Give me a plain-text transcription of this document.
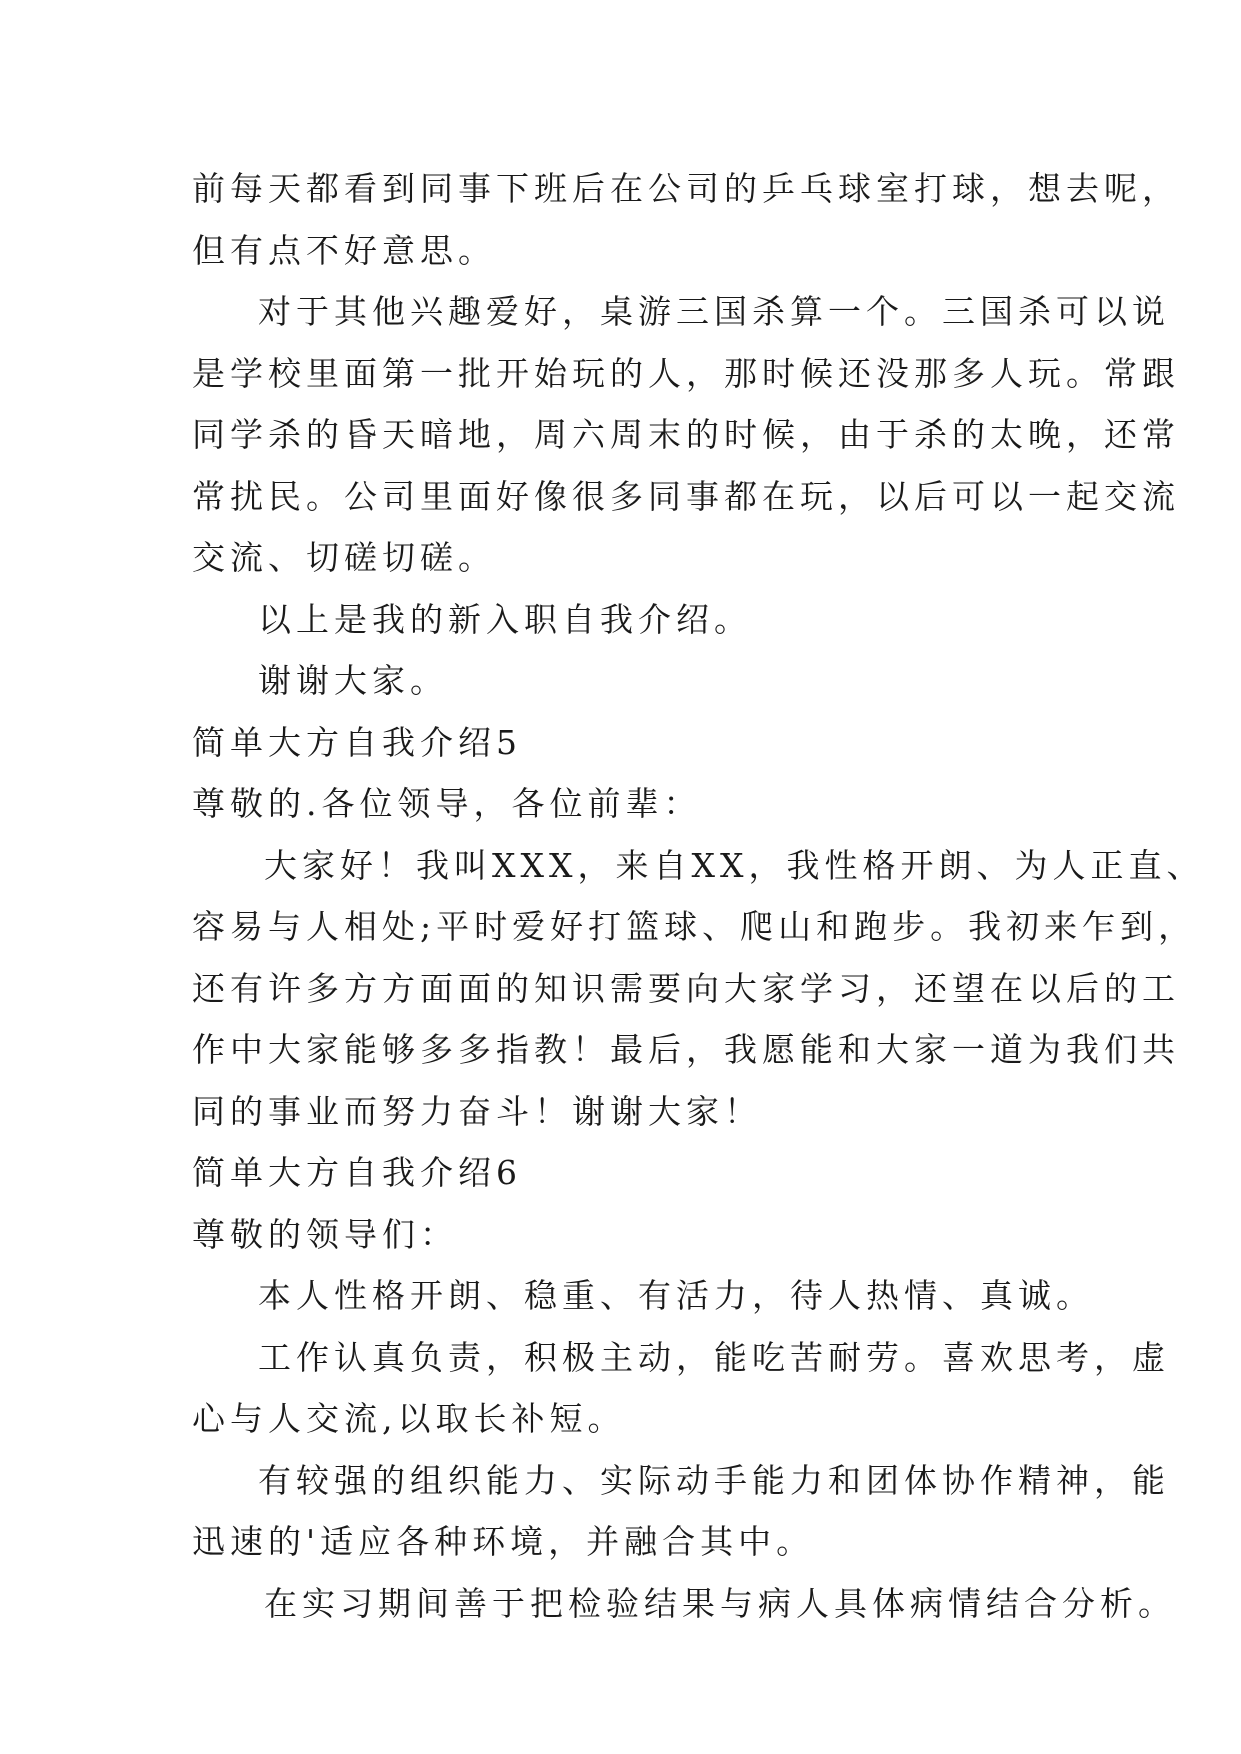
前每天都看到同事下班后在公司的乒乓球室打球，想去呢，
但有点不好意思。
对于其他兴趣爱好，桌游三国杀算一个。三国杀可以说
是学校里面第一批开始玩的人，那时候还没那多人玩。常跟
同学杀的昏天暗地，周六周末的时候，由于杀的太晚，还常
常扰民。公司里面好像很多同事都在玩，以后可以一起交流
交流、切磋切磋。
以上是我的新入职自我介绍。
谢谢大家。
简单大方自我介绍5
尊敬的.各位领导，各位前辈：
大家好！我叫XXX，来自XX，我性格开朗、为人正直、
容易与人相处;平时爱好打篮球、爬山和跑步。我初来乍到，
还有许多方方面面的知识需要向大家学习，还望在以后的工
作中大家能够多多指教！最后，我愿能和大家一道为我们共
同的事业而努力奋斗！谢谢大家！
简单大方自我介绍6
尊敬的领导们：
本人性格开朗、稳重、有活力，待人热情、真诚。
工作认真负责，积极主动，能吃苦耐劳。喜欢思考，虚
心与人交流,以取长补短。
有较强的组织能力、实际动手能力和团体协作精神，能
迅速的'适应各种环境，并融合其中。
在实习期间善于把检验结果与病人具体病情结合分析。
